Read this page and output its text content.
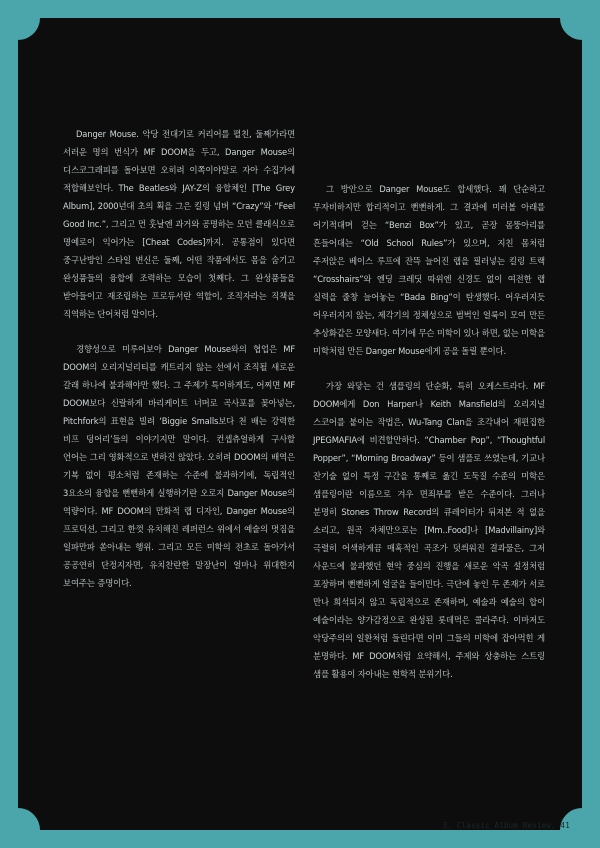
Danger Mouse. 악당 전대기로 커리어를 펼친, 둘째가라면 서러운 명의 번식가 MF DOOM을 두고, Danger Mouse의 디스코그래피를 돌아보면 오히려 이쪽이야말로 자아 수집가에 적합해보인다. The Beatles와 JAY-Z의 융합체인 [The Grey Album], 2000년대 초의 획을 그은 킬링 넘버 “Crazy”와 “Feel Good Inc.”, 그리고 먼 훗날엔 과거와 공명하는 모던 클래식으로 명예로이 익어가는 [Cheat Codes]까지. 공통점이 있다면 중구난방인 스타일 변신은 둘째, 어떤 작품에서도 몸을 숨기고 완성품들의 융합에 조력하는 모습이 첫째다. 그 완성품들을 받아들이고 재조립하는 프로듀서란 역할이, 조직자라는 직책을 직역하는 단어처럼 말이다.

경향성으로 미루어보아 Danger Mouse와의 협업은 MF DOOM의 오리지널리티를 캐트리지 않는 선에서 조직될 새로운 갈래 하나에 불과해야만 했다. 그 주제가 특이하게도, 어찌면 MF DOOM보다 신랄하게 바리케이트 너머로 곡사포를 꽂아넣는, Pitchfork의 표현을 빌려 ‘Biggie Smalls보다 천 배는 강력한 비프 덩어리’들의 이야기지만 말이다. 컨셉츄얼하게 구사할 언어는 그리 영화적으로 변하진 않았다. 오히려 DOOM의 배역은 기복 없이 평소처럼 존재하는 수준에 불과하기에, 독립적인 3요소의 융합을 뻔뻔하게 실행하기란 오로지 Danger Mouse의 역량이다. MF DOOM의 만화적 랩 디자인, Danger Mouse의 프로덕션, 그리고 한껏 유치해진 레퍼런스 위에서 예술의 멋짐을 일파만파 쏟아내는 행위. 그리고 모든 미학의 전초로 돌아가서 공공연히 단정지자면, 유치찬란한 말장난이 얼마나 위대한지 보여주는 증명이다.

그 방안으로 Danger Mouse도 합세했다. 꽤 단순하고 무자비하지만 합리적이고 뻔뻔하게. 그 결과에 미러볼 아래를 어기적대며 걷는 “Benzi Box”가 있고, 곧장 몸뚱아리를 흔들어대는 “Old School Rules”가 있으며, 지친 몸처럼 주저앉은 베이스 루프에 잔뜩 늘어진 랩을 필러넣는 킬링 트랙 “Crosshairs”와 엔딩 크레딧 따위엔 신경도 없이 여전한 랩 실력을 줄창 늘어놓는 “Bada Bing”이 탄생했다. 어우러지듯 어우러지지 않는, 제각기의 정체성으로 범벅인 얼룩이 모여 만든 추상화같은 모양새다. 여기에 무슨 미학이 있나 하면, 없는 미학을 미학처럼 만든 Danger Mouse에게 공을 돌릴 뿐이다.

가장 와닿는 건 샘플링의 단순화, 특히 오케스트라다. MF DOOM에게 Don Harper나 Keith Mansfield의 오리지널 스코어를 붙이는 작법은, Wu-Tang Clan을 조각내어 재편집한 JPEGMAFIA에 비견할만하다. “Chamber Pop”, “Thoughtful Popper”, “Morning Broadway” 등이 샘플로 쓰였는데, 기교나 잔기술 없이 특정 구간을 통째로 옮긴 도둑질 수준의 미학은 샘플링이란 이름으로 겨우 면죄부를 받은 수준이다. 그러나 분명히 Stones Throw Record의 큐레이터가 뒤져본 적 없을 소리고, 원곡 자체만으로는 [Mm..Food]나 [Madvillainy]와 극렬히 어색하게끔 매혹적인 곡조가 덧씌워진 결과물은, 그저 사운드에 불과했던 현악 중심의 진행을 새로운 악곡 설정처럼 포장하며 뻔뻔하게 얼굴을 들이민다. 극단에 놓인 두 존재가 서로 만나 희석되지 않고 독립적으로 존재하며, 예술과 예술의 합이 예술이라는 양가감정으로 완성된 롯데먹은 콜라주다. 이마저도 악당주의의 일환처럼 들린다면 이미 그들의 미학에 잡아먹힌 게 분명하다. MF DOOM처럼 요약해서, 주제와 상충하는 스트링 샘플 활용이 자아내는 현학적 분위기다.

3. Classic Album Review, 41
